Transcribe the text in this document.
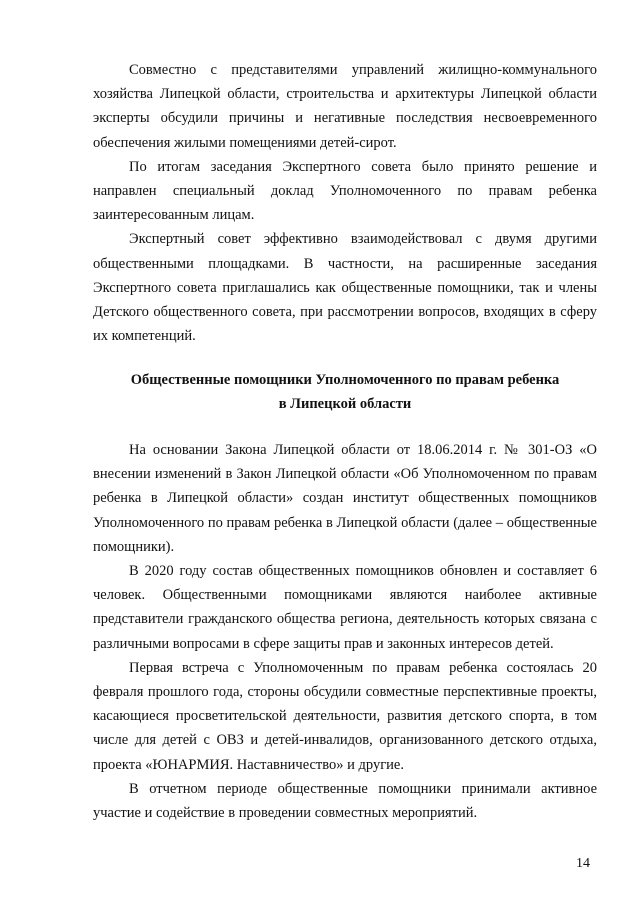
Совместно с представителями управлений жилищно-коммунального хозяйства Липецкой области, строительства и архитектуры Липецкой области эксперты обсудили причины и негативные последствия несвоевременного обеспечения жилыми помещениями детей-сирот.

По итогам заседания Экспертного совета было принято решение и направлен специальный доклад Уполномоченного по правам ребенка заинтересованным лицам.

Экспертный совет эффективно взаимодействовал с двумя другими общественными площадками. В частности, на расширенные заседания Экспертного совета приглашались как общественные помощники, так и члены Детского общественного совета, при рассмотрении вопросов, входящих в сферу их компетенций.

Общественные помощники Уполномоченного по правам ребенка

в Липецкой области

На основании Закона Липецкой области от 18.06.2014 г. № 301-ОЗ «О внесении изменений в Закон Липецкой области «Об Уполномоченном по правам ребенка в Липецкой области» создан институт общественных помощников Уполномоченного по правам ребенка в Липецкой области (далее – общественные помощники).

В 2020 году состав общественных помощников обновлен и составляет 6 человек. Общественными помощниками являются наиболее активные представители гражданского общества региона, деятельность которых связана с различными вопросами в сфере защиты прав и законных интересов детей.

Первая встреча с Уполномоченным по правам ребенка состоялась 20 февраля прошлого года, стороны обсудили совместные перспективные проекты, касающиеся просветительской деятельности, развития детского спорта, в том числе для детей с ОВЗ и детей-инвалидов, организованного детского отдыха, проекта «ЮНАРМИЯ. Наставничество» и другие.

В отчетном периоде общественные помощники принимали активное участие и содействие в проведении совместных мероприятий.

14
